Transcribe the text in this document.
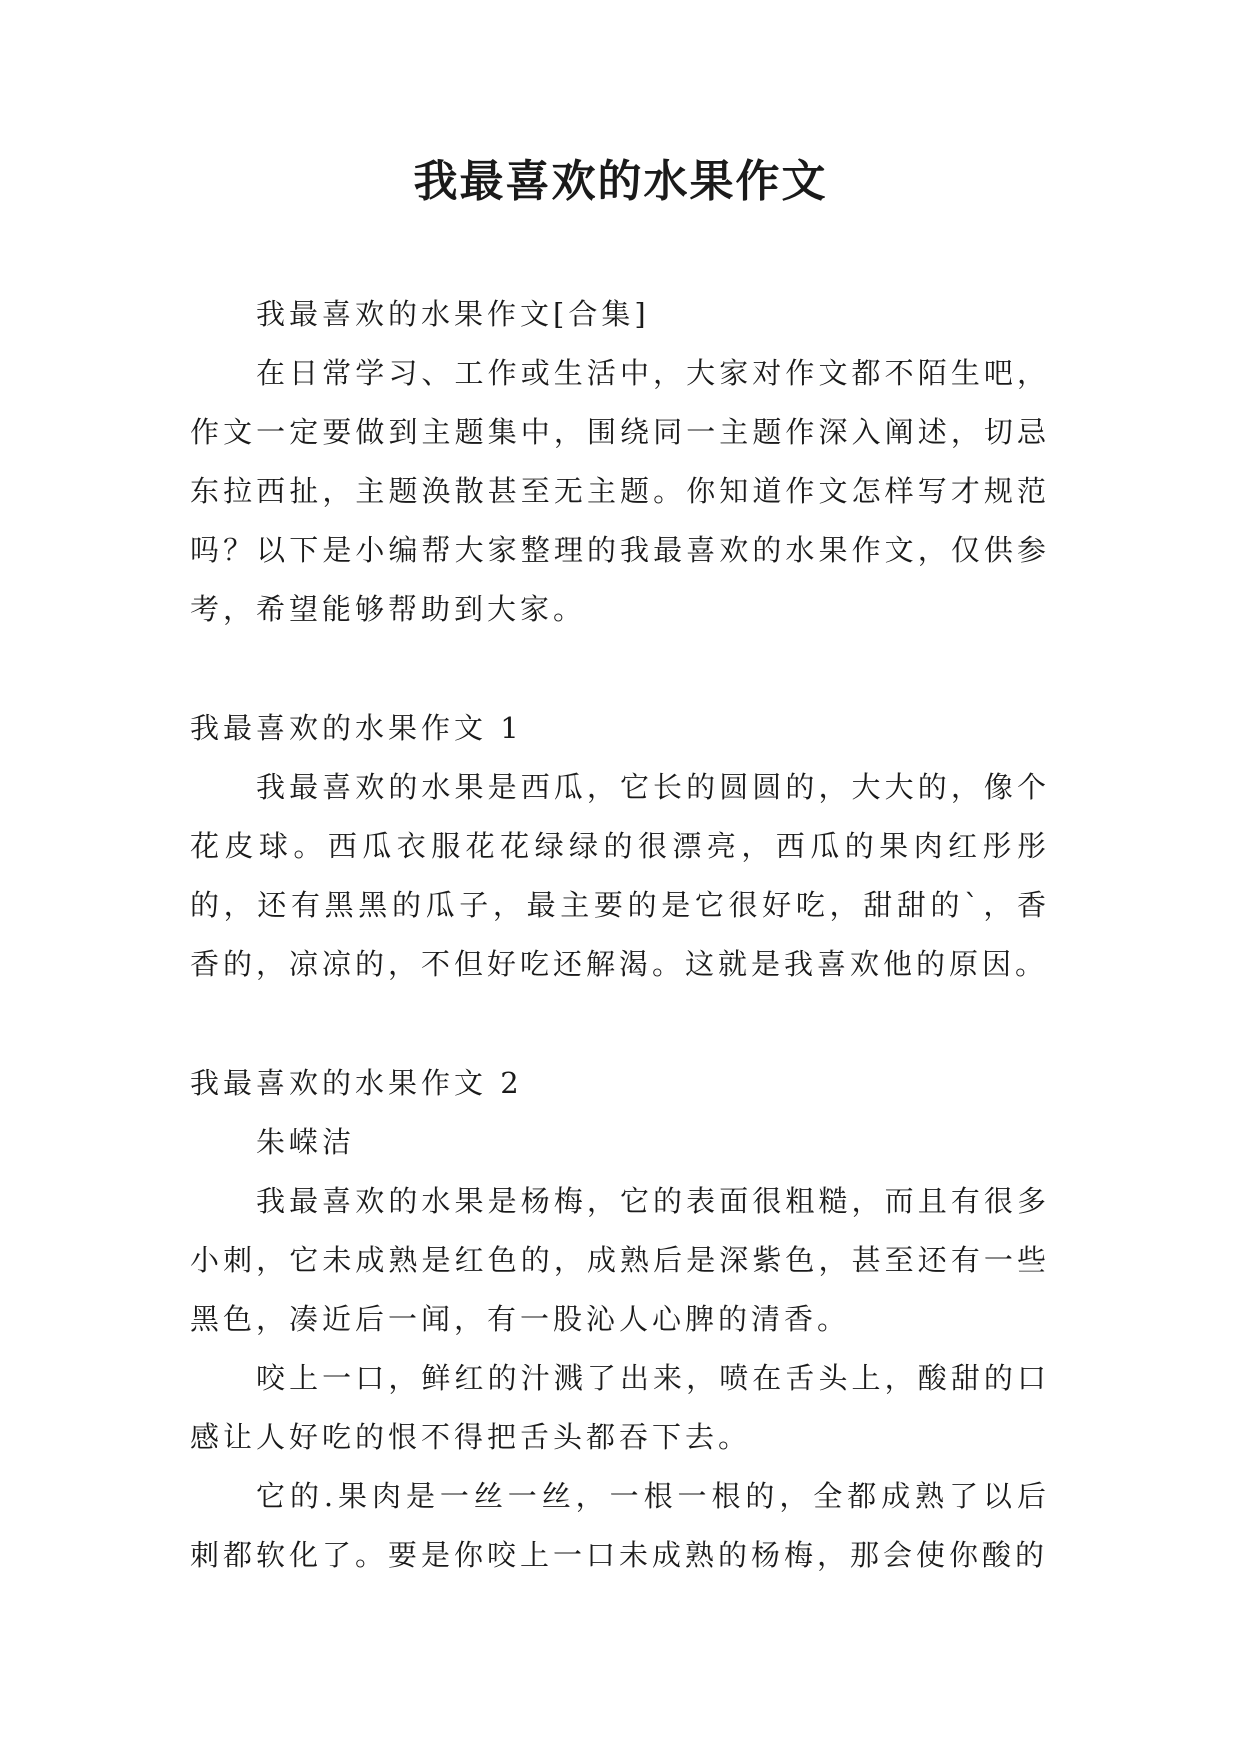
我最喜欢的水果作文

我最喜欢的水果作文[合集]

在日常学习、工作或生活中，大家对作文都不陌生吧，作文一定要做到主题集中，围绕同一主题作深入阐述，切忌东拉西扯，主题涣散甚至无主题。你知道作文怎样写才规范吗？以下是小编帮大家整理的我最喜欢的水果作文，仅供参考，希望能够帮助到大家。

我最喜欢的水果作文 1

我最喜欢的水果是西瓜，它长的圆圆的，大大的，像个花皮球。西瓜衣服花花绿绿的很漂亮，西瓜的果肉红彤彤的，还有黑黑的瓜子，最主要的是它很好吃，甜甜的`，香香的，凉凉的，不但好吃还解渴。这就是我喜欢他的原因。

我最喜欢的水果作文 2

朱嵘洁

我最喜欢的水果是杨梅，它的表面很粗糙，而且有很多小刺，它未成熟是红色的，成熟后是深紫色，甚至还有一些黑色，凑近后一闻，有一股沁人心脾的清香。

咬上一口，鲜红的汁溅了出来，喷在舌头上，酸甜的口感让人好吃的恨不得把舌头都吞下去。

它的.果肉是一丝一丝，一根一根的，全都成熟了以后刺都软化了。要是你咬上一口未成熟的杨梅，那会使你酸的
